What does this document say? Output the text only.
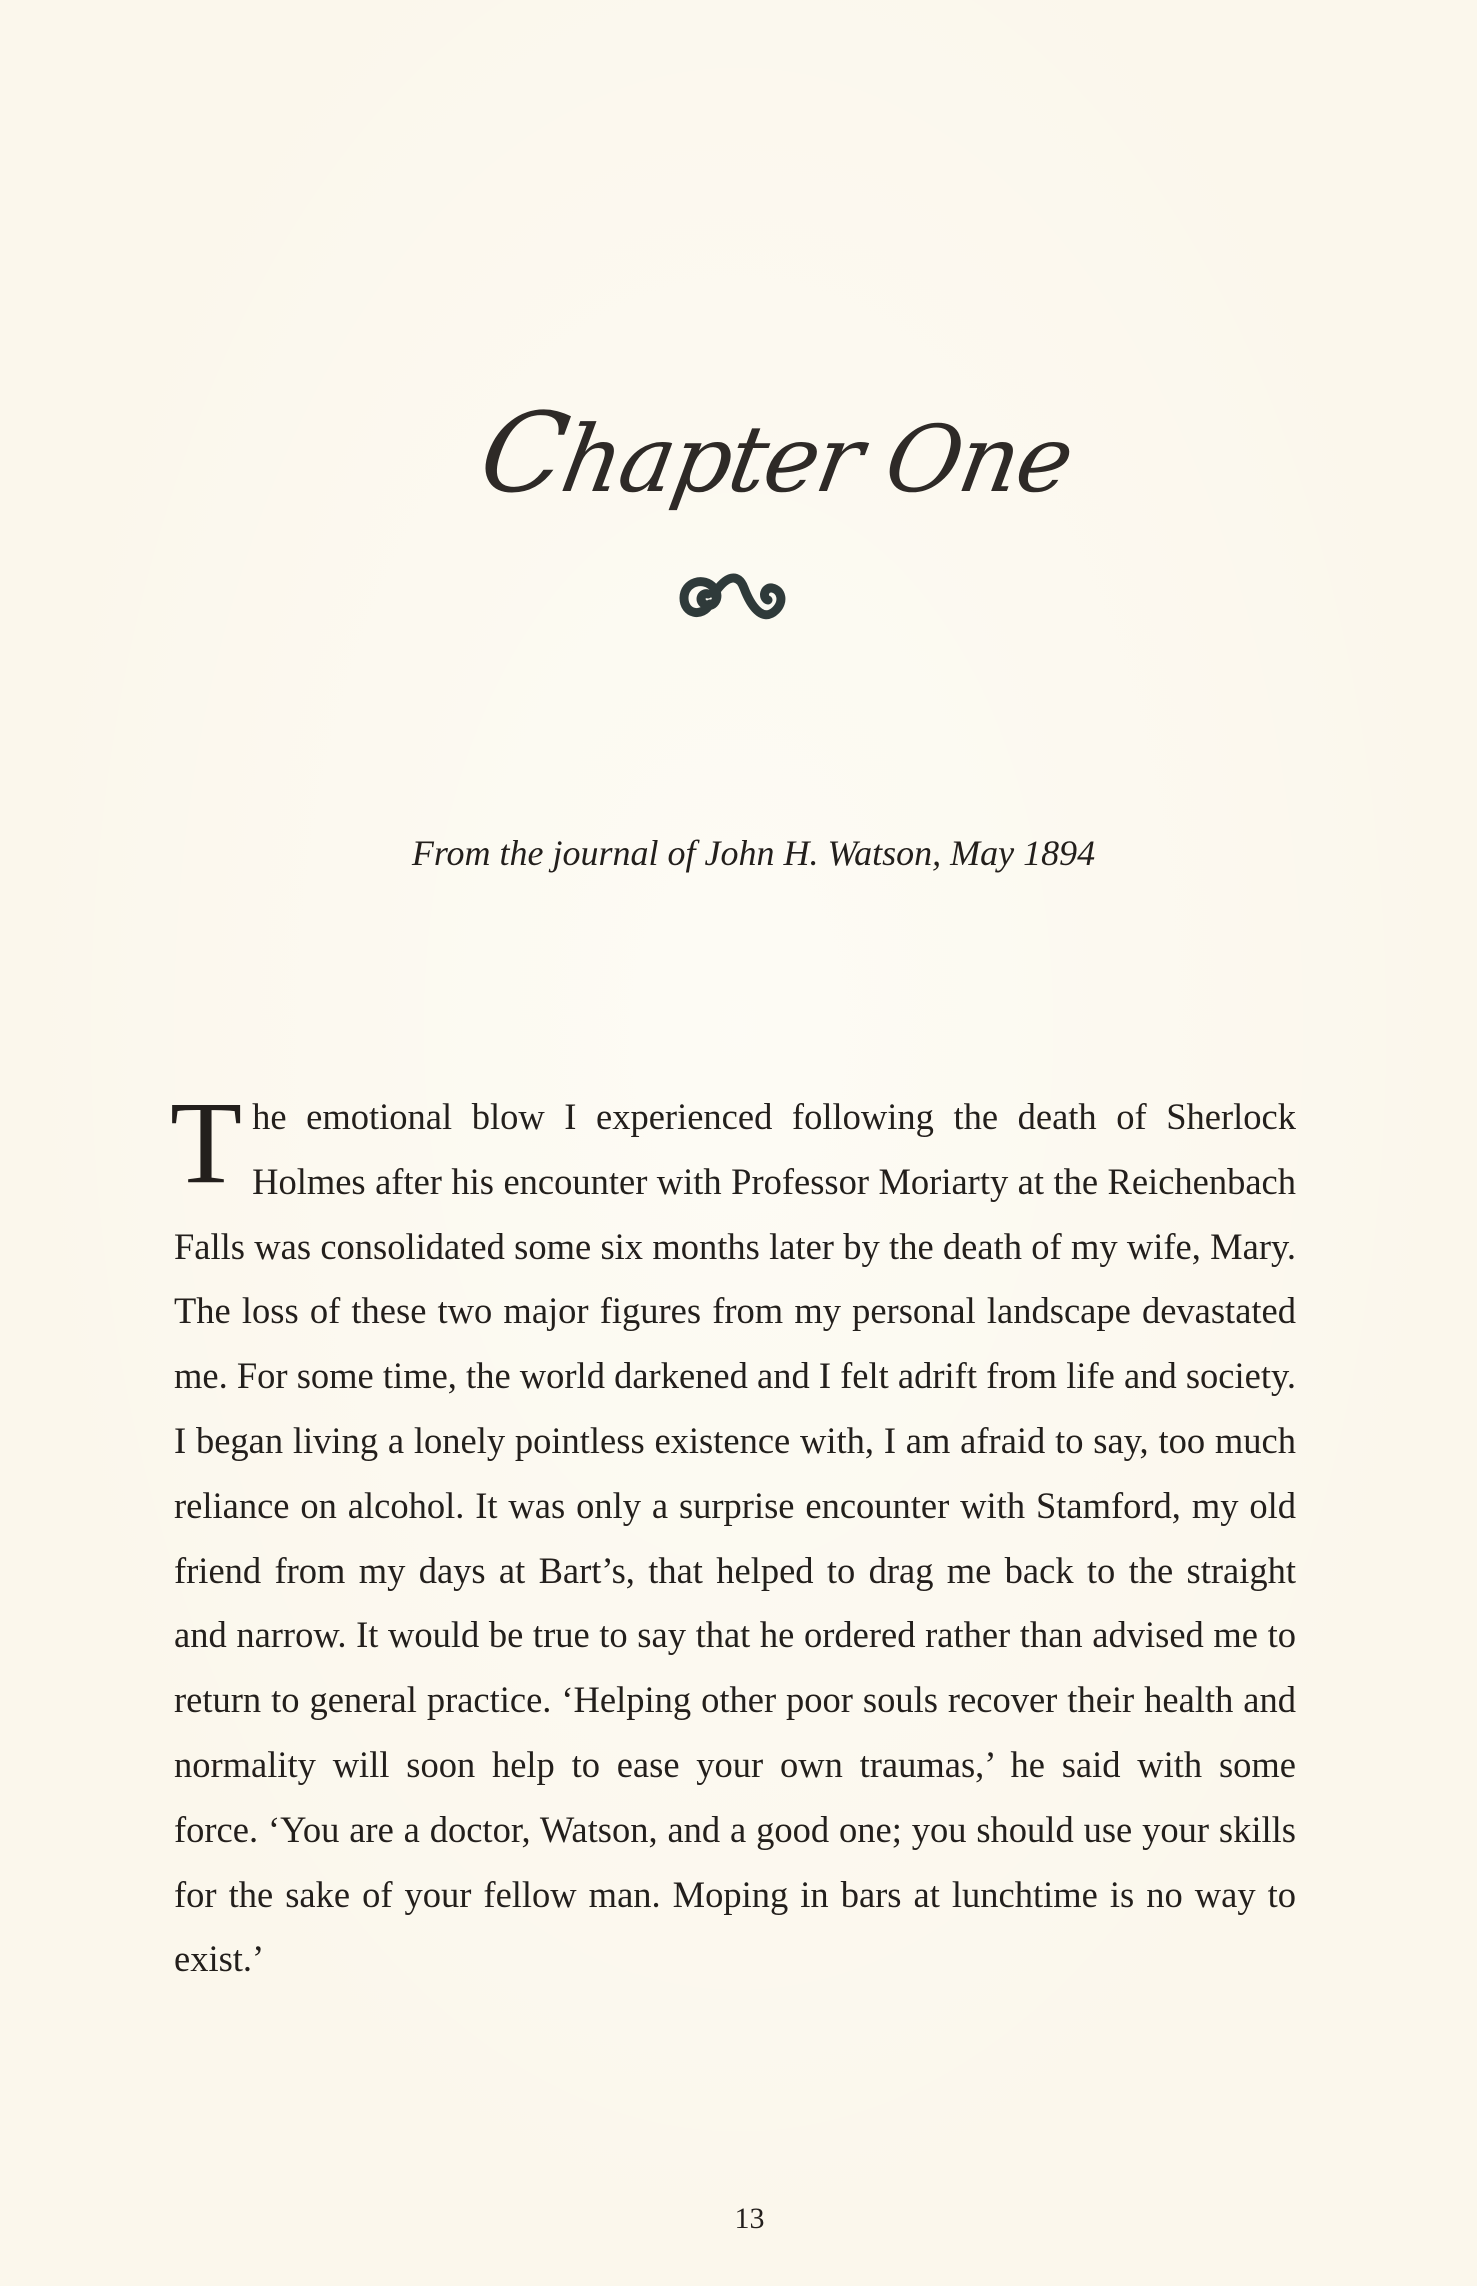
Chapter One
From the journal of John H. Watson, May 1894
The emotional blow I experienced following the death of Sherlock Holmes after his encounter with Professor Moriarty at the Reichenbach Falls was consolidated some six months later by the death of my wife, Mary. The loss of these two major figures from my personal landscape devastated me. For some time, the world darkened and I felt adrift from life and society. I began living a lonely pointless existence with, I am afraid to say, too much reliance on alcohol. It was only a surprise encounter with Stamford, my old friend from my days at Bart’s, that helped to drag me back to the straight and narrow. It would be true to say that he ordered rather than advised me to return to general practice. ‘Helping other poor souls recover their health and normality will soon help to ease your own traumas,’ he said with some force. ‘You are a doctor, Watson, and a good one; you should use your skills for the sake of your fellow man. Moping in bars at lunchtime is no way to exist.’
13
